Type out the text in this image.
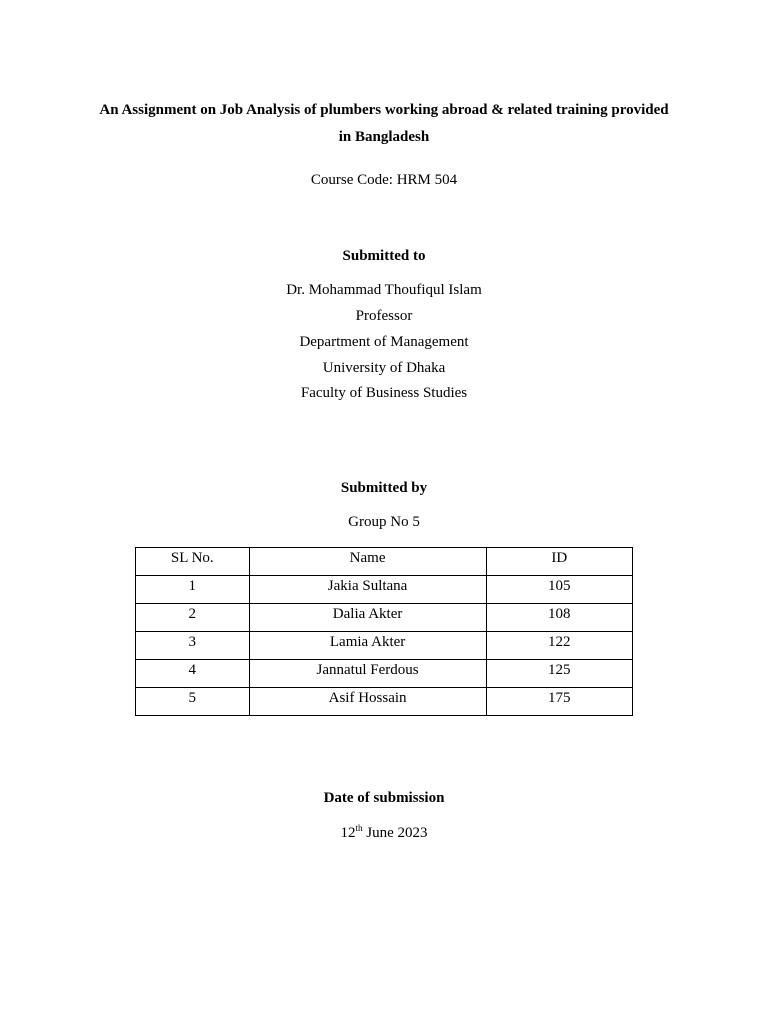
An Assignment on Job Analysis of plumbers working abroad & related training provided

in Bangladesh

Course Code: HRM 504

Submitted to

Dr. Mohammad Thoufiqul Islam

Professor

Department of Management

University of Dhaka

Faculty of Business Studies

Submitted by

Group No 5

SL No.	Name	ID
1	Jakia Sultana	105
2	Dalia Akter	108
3	Lamia Akter	122
4	Jannatul Ferdous	125
5	Asif Hossain	175

Date of submission

12th June 2023
